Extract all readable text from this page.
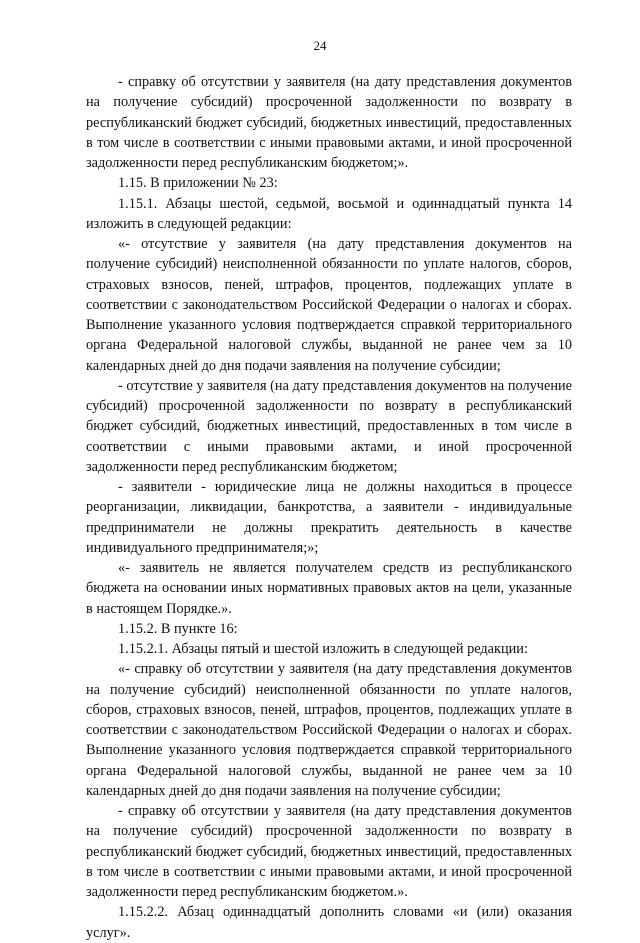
24

- справку об отсутствии у заявителя (на дату представления документов на получение субсидий) просроченной задолженности по возврату в республиканский бюджет субсидий, бюджетных инвестиций, предоставленных в том числе в соответствии с иными правовыми актами, и иной просроченной задолженности перед республиканским бюджетом;».

1.15. В приложении № 23:

1.15.1. Абзацы шестой, седьмой, восьмой и одиннадцатый пункта 14 изложить в следующей редакции:

«- отсутствие у заявителя (на дату представления документов на получение субсидий) неисполненной обязанности по уплате налогов, сборов, страховых взносов, пеней, штрафов, процентов, подлежащих уплате в соответствии с законодательством Российской Федерации о налогах и сборах. Выполнение указанного условия подтверждается справкой территориального органа Федеральной налоговой службы, выданной не ранее чем за 10 календарных дней до дня подачи заявления на получение субсидии;

- отсутствие у заявителя (на дату представления документов на получение субсидий) просроченной задолженности по возврату в республиканский бюджет субсидий, бюджетных инвестиций, предоставленных в том числе в соответствии с иными правовыми актами, и иной просроченной задолженности перед республиканским бюджетом;

- заявители - юридические лица не должны находиться в процессе реорганизации, ликвидации, банкротства, а заявители - индивидуальные предприниматели не должны прекратить деятельность в качестве индивидуального предпринимателя;»;

«- заявитель не является получателем средств из республиканского бюджета на основании иных нормативных правовых актов на цели, указанные в настоящем Порядке.».

1.15.2. В пункте 16:

1.15.2.1. Абзацы пятый и шестой изложить в следующей редакции:

«- справку об отсутствии у заявителя (на дату представления документов на получение субсидий) неисполненной обязанности по уплате налогов, сборов, страховых взносов, пеней, штрафов, процентов, подлежащих уплате в соответствии с законодательством Российской Федерации о налогах и сборах. Выполнение указанного условия подтверждается справкой территориального органа Федеральной налоговой службы, выданной не ранее чем за 10 календарных дней до дня подачи заявления на получение субсидии;

- справку об отсутствии у заявителя (на дату представления документов на получение субсидий) просроченной задолженности по возврату в республиканский бюджет субсидий, бюджетных инвестиций, предоставленных в том числе в соответствии с иными правовыми актами, и иной просроченной задолженности перед республиканским бюджетом.».

1.15.2.2. Абзац одиннадцатый дополнить словами «и (или) оказания услуг».
